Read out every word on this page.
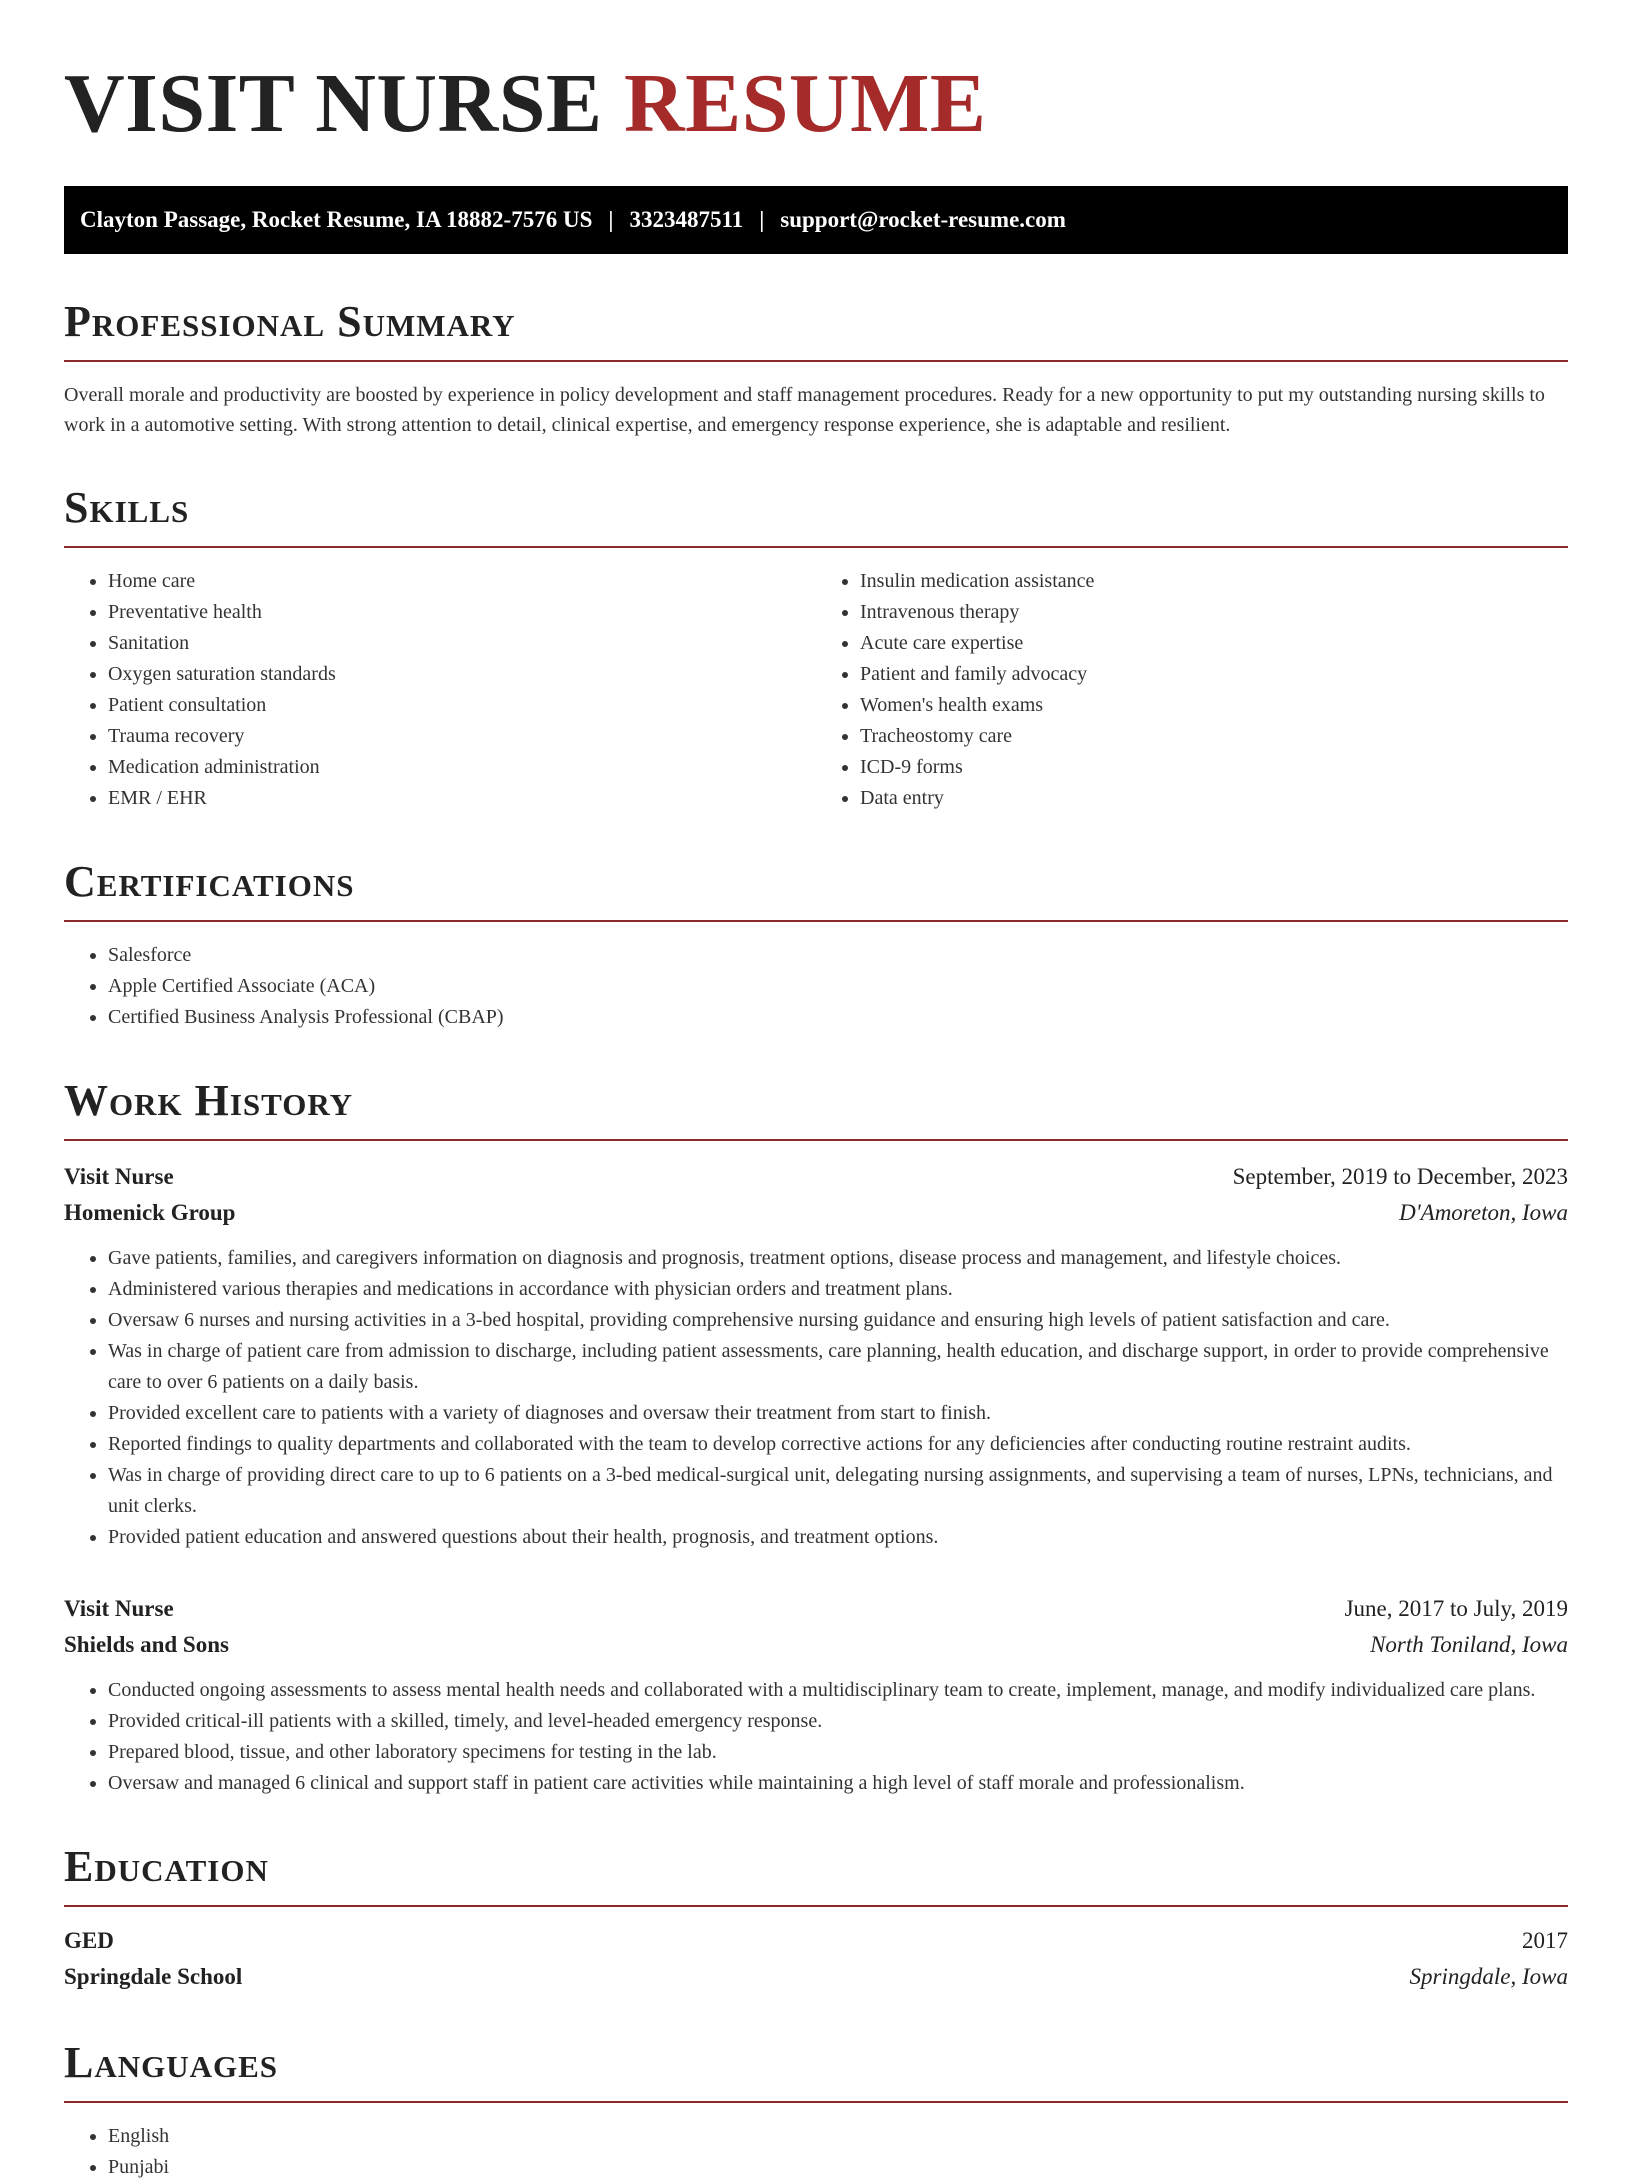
VISIT NURSE RESUME
Clayton Passage, Rocket Resume, IA 18882-7576 US | 3323487511 | support@rocket-resume.com
Professional Summary

Overall morale and productivity are boosted by experience in policy development and staff management procedures. Ready for a new opportunity to put my outstanding nursing skills to work in a automotive setting. With strong attention to detail, clinical expertise, and emergency response experience, she is adaptable and resilient.

Skills
• Home care
• Preventative health
• Sanitation
• Oxygen saturation standards
• Patient consultation
• Trauma recovery
• Medication administration
• EMR / EHR
• Insulin medication assistance
• Intravenous therapy
• Acute care expertise
• Patient and family advocacy
• Women's health exams
• Tracheostomy care
• ICD-9 forms
• Data entry
Certifications
• Salesforce
• Apple Certified Associate (ACA)
• Certified Business Analysis Professional (CBAP)
Work History
Visit Nurse	September, 2019 to December, 2023
Homenick Group	D'Amoreton, Iowa
• Gave patients, families, and caregivers information on diagnosis and prognosis, treatment options, disease process and management, and lifestyle choices.
• Administered various therapies and medications in accordance with physician orders and treatment plans.
• Oversaw 6 nurses and nursing activities in a 3-bed hospital, providing comprehensive nursing guidance and ensuring high levels of patient satisfaction and care.
• Was in charge of patient care from admission to discharge, including patient assessments, care planning, health education, and discharge support, in order to provide comprehensive care to over 6 patients on a daily basis.
• Provided excellent care to patients with a variety of diagnoses and oversaw their treatment from start to finish.
• Reported findings to quality departments and collaborated with the team to develop corrective actions for any deficiencies after conducting routine restraint audits.
• Was in charge of providing direct care to up to 6 patients on a 3-bed medical-surgical unit, delegating nursing assignments, and supervising a team of nurses, LPNs, technicians, and unit clerks.
• Provided patient education and answered questions about their health, prognosis, and treatment options.
Visit Nurse	June, 2017 to July, 2019
Shields and Sons	North Toniland, Iowa
• Conducted ongoing assessments to assess mental health needs and collaborated with a multidisciplinary team to create, implement, manage, and modify individualized care plans.
• Provided critical-ill patients with a skilled, timely, and level-headed emergency response.
• Prepared blood, tissue, and other laboratory specimens for testing in the lab.
• Oversaw and managed 6 clinical and support staff in patient care activities while maintaining a high level of staff morale and professionalism.
Education
GED	2017
Springdale School	Springdale, Iowa
Languages
• English
• Punjabi
